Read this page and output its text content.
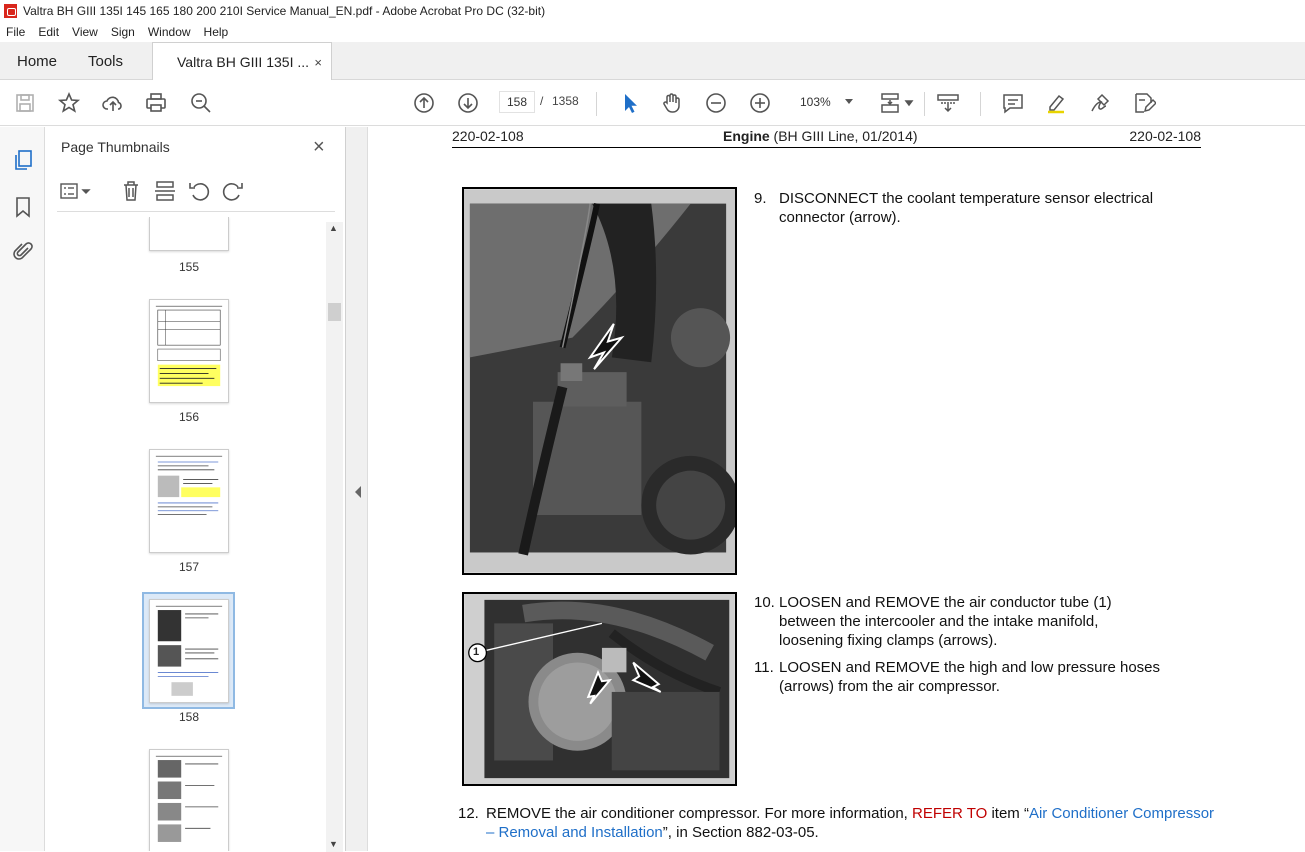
Valtra BH GIII 135I 145 165 180 200 210I Service Manual_EN.pdf - Adobe Acrobat Pro DC (32-bit)
File Edit View Sign Window Help
Home Tools	Valtra BH GIII 135I ... ×
158	/ 1358	103%
Page Thumbnails	×
155
156
157
158
▲
▼
220-02-108	Engine (BH GIII Line, 01/2014)	220-02-108
1
9. DISCONNECT the coolant temperature sensor electrical connector (arrow).
10. LOOSEN and REMOVE the air conductor tube (1) between the intercooler and the intake manifold, loosening fixing clamps (arrows).
11. LOOSEN and REMOVE the high and low pressure hoses (arrows) from the air compressor.
12. REMOVE the air conditioner compressor. For more information, REFER TO item “Air Conditioner Compressor – Removal and Installation”, in Section 882-03-05.
